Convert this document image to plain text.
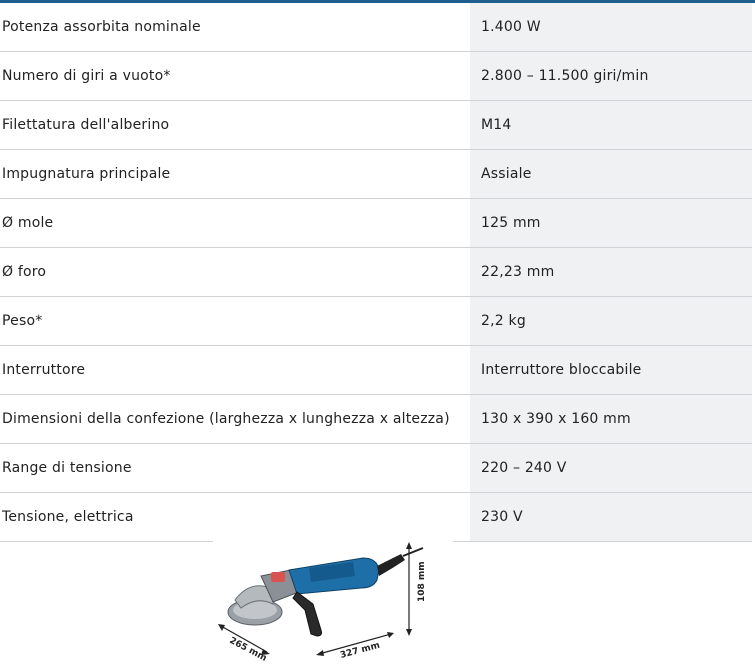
Potenza assorbita nominale	1.400 W
Numero di giri a vuoto*	2.800 – 11.500 giri/min
Filettatura dell'alberino	M14
Impugnatura principale	Assiale
Ø mole	125 mm
Ø foro	22,23 mm
Peso*	2,2 kg
Interruttore	Interruttore bloccabile
Dimensioni della confezione (larghezza x lunghezza x altezza)	130 x 390 x 160 mm
Range di tensione	220 – 240 V
Tensione, elettrica	230 V
108 mm
327 mm
265 mm
